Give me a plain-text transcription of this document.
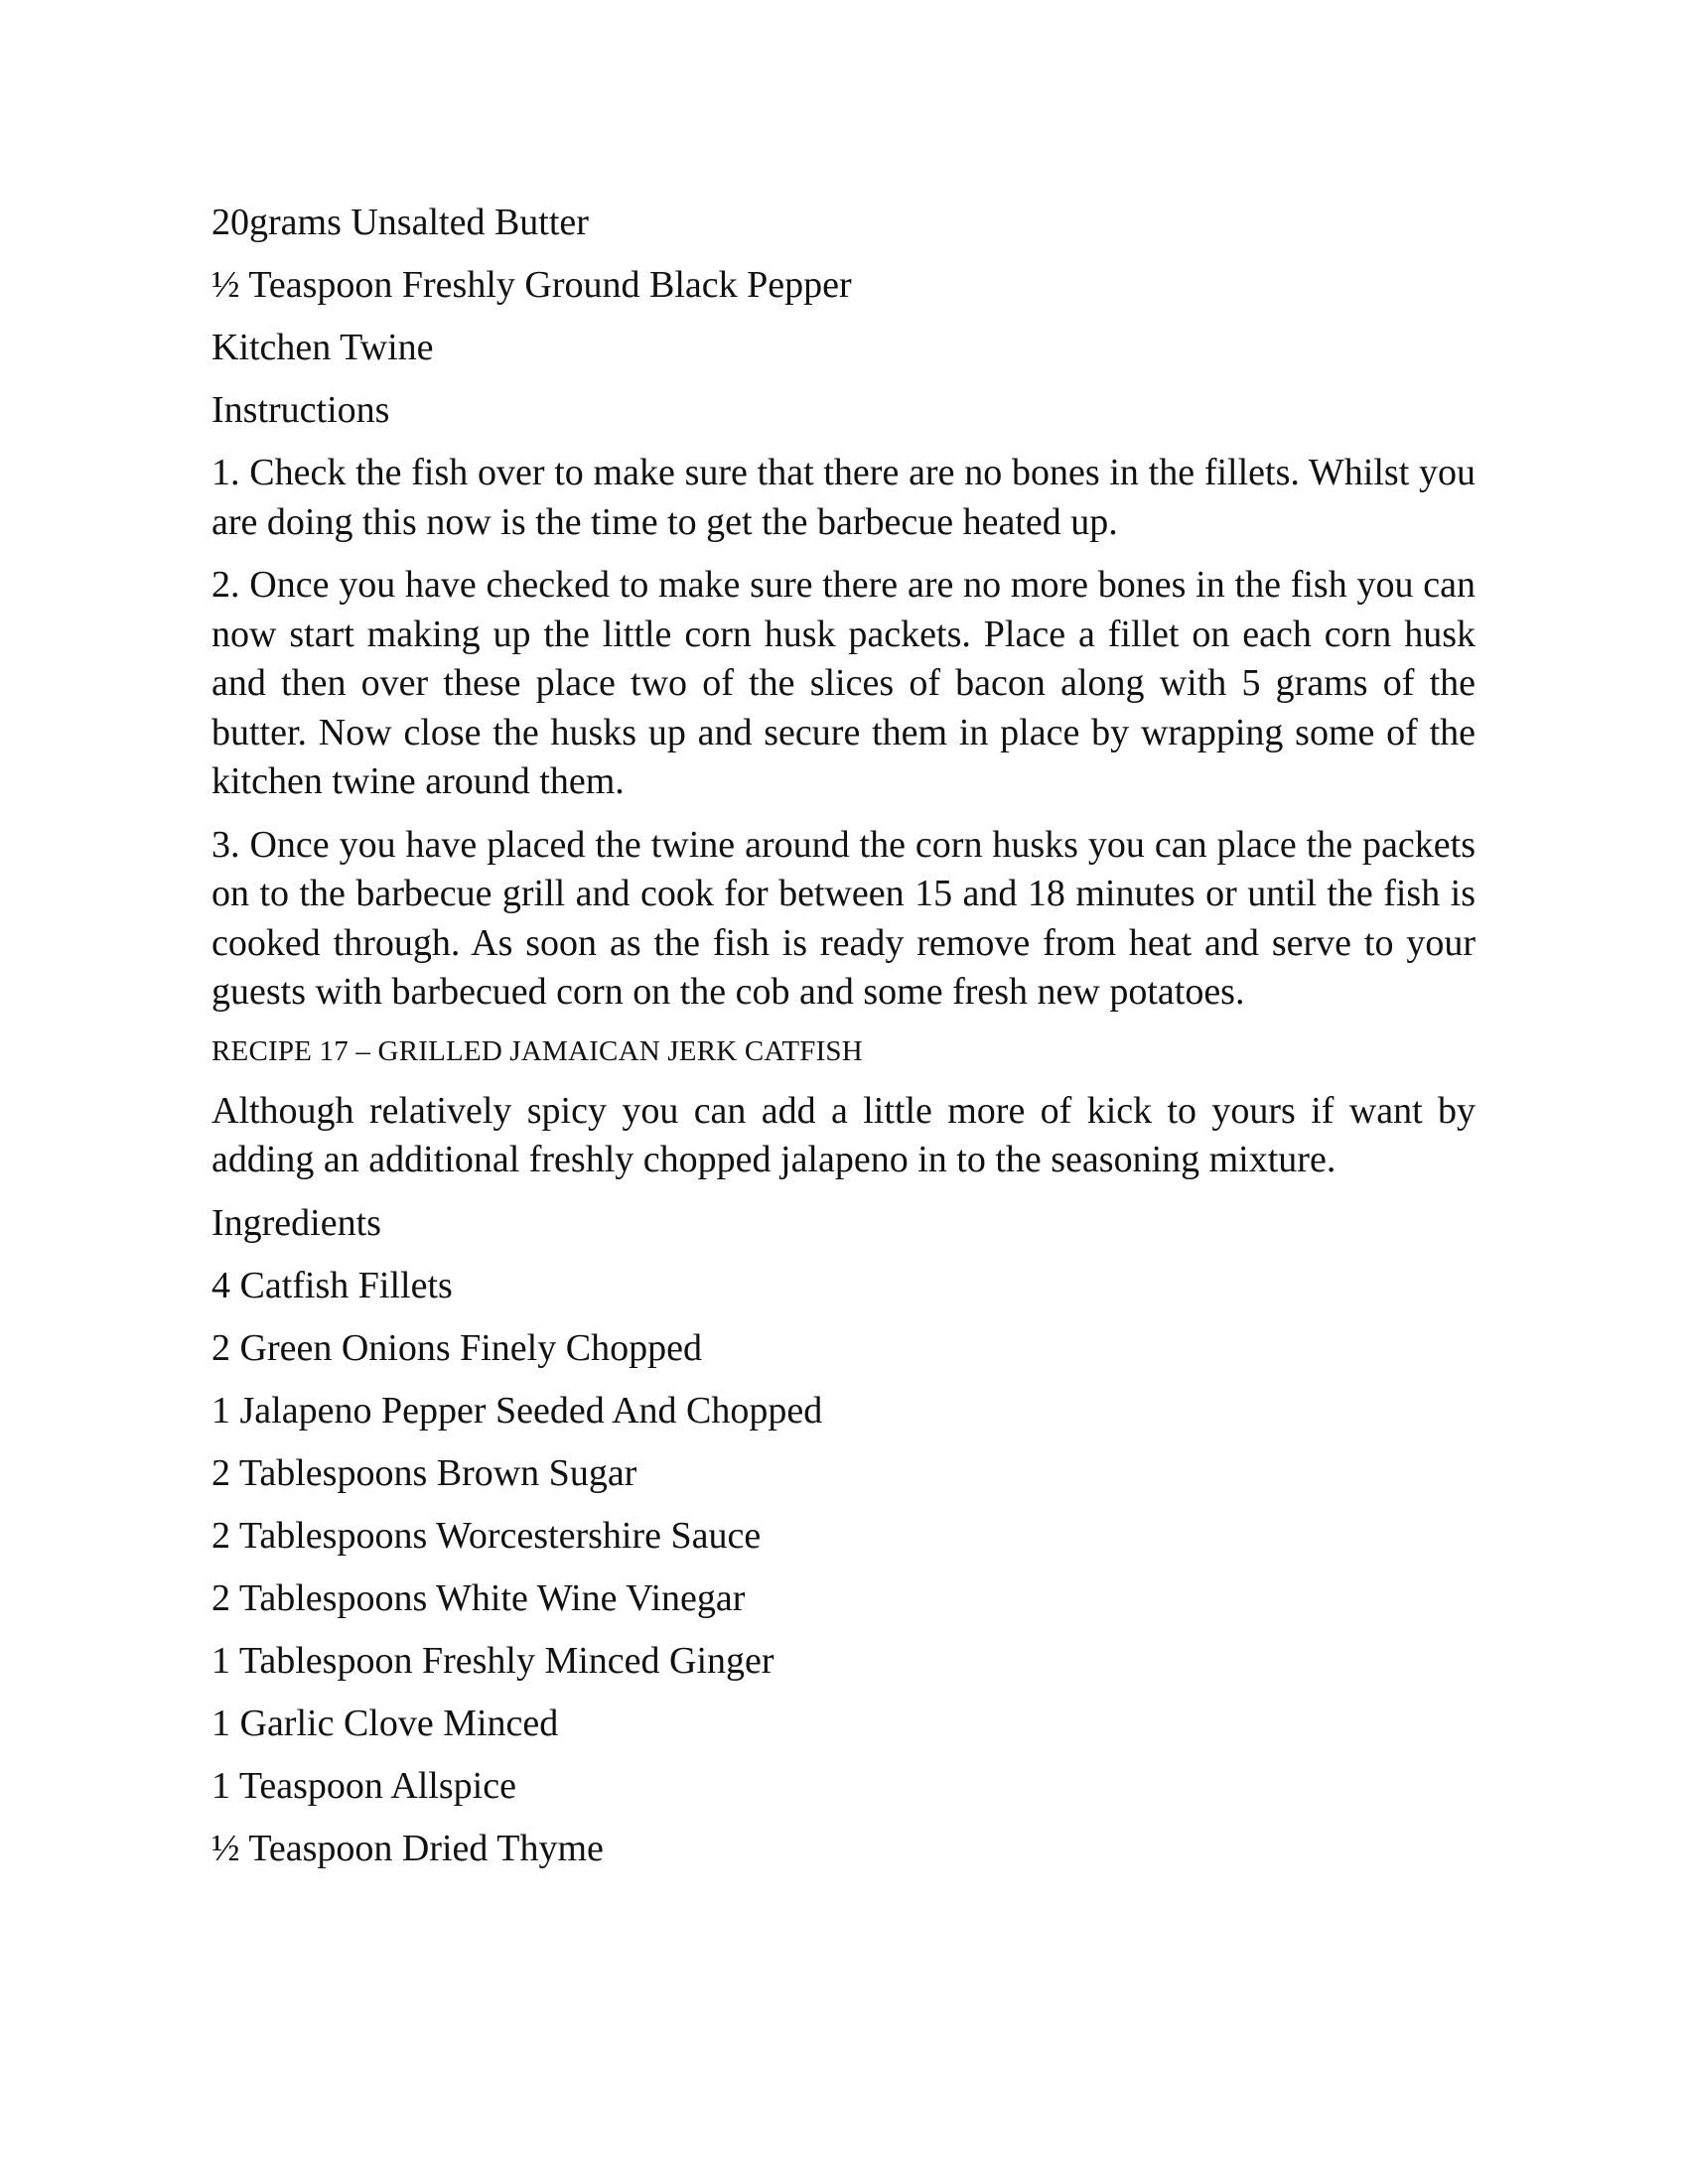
20grams Unsalted Butter

½ Teaspoon Freshly Ground Black Pepper

Kitchen Twine

Instructions

1. Check the fish over to make sure that there are no bones in the fillets. Whilst you are doing this now is the time to get the barbecue heated up.

2. Once you have checked to make sure there are no more bones in the fish you can now start making up the little corn husk packets. Place a fillet on each corn husk and then over these place two of the slices of bacon along with 5 grams of the butter. Now close the husks up and secure them in place by wrapping some of the kitchen twine around them.

3. Once you have placed the twine around the corn husks you can place the packets on to the barbecue grill and cook for between 15 and 18 minutes or until the fish is cooked through. As soon as the fish is ready remove from heat and serve to your guests with barbecued corn on the cob and some fresh new potatoes.

RECIPE 17 – GRILLED JAMAICAN JERK CATFISH

Although relatively spicy you can add a little more of kick to yours if want by adding an additional freshly chopped jalapeno in to the seasoning mixture.

Ingredients

4 Catfish Fillets

2 Green Onions Finely Chopped

1 Jalapeno Pepper Seeded And Chopped

2 Tablespoons Brown Sugar

2 Tablespoons Worcestershire Sauce

2 Tablespoons White Wine Vinegar

1 Tablespoon Freshly Minced Ginger

1 Garlic Clove Minced

1 Teaspoon Allspice

½ Teaspoon Dried Thyme
